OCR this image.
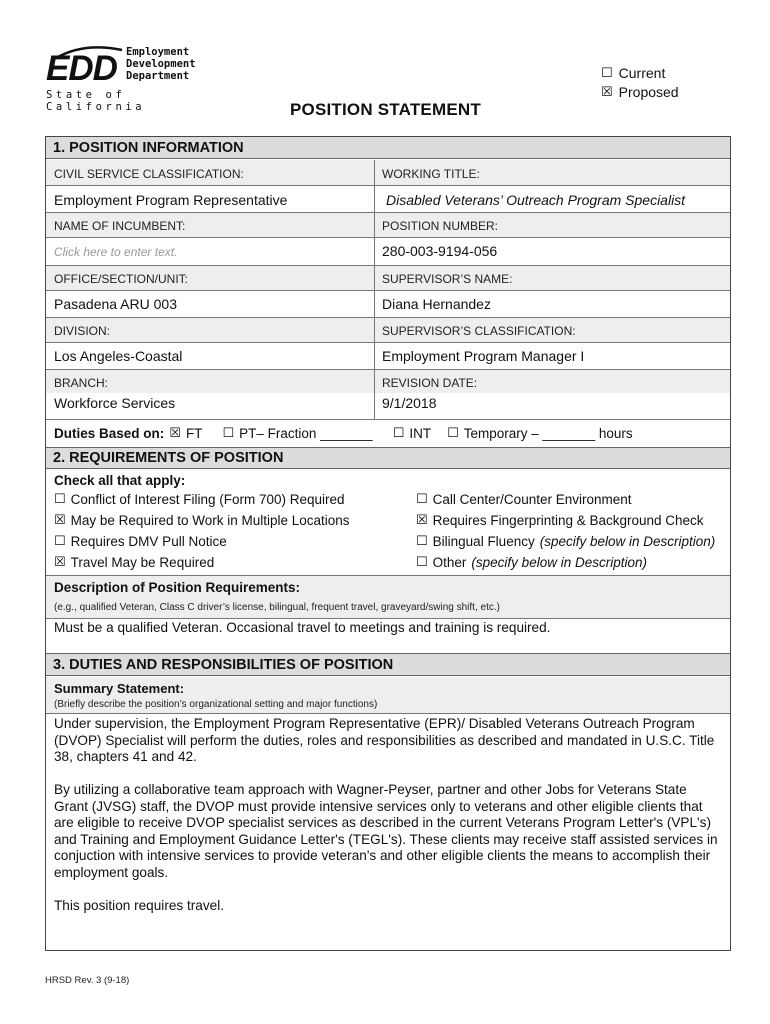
EDD Employment
Development
Department
State of California
☐ Current
☒ Proposed
POSITION STATEMENT
1. POSITION INFORMATION
CIVIL SERVICE CLASSIFICATION:	WORKING TITLE:
Employment Program Representative	Disabled Veterans’ Outreach Program Specialist
NAME OF INCUMBENT:	POSITION NUMBER:
Click here to enter text.	280-003-9194-056
OFFICE/SECTION/UNIT:	SUPERVISOR’S NAME:
Pasadena ARU 003	Diana Hernandez
DIVISION:	SUPERVISOR’S CLASSIFICATION:
Los Angeles-Coastal	Employment Program Manager I
BRANCH:	REVISION DATE:
Workforce Services	9/1/2018
Duties Based on: ☒ FT ☐ PT– Fraction _______ ☐ INT ☐ Temporary – _______ hours
2. REQUIREMENTS OF POSITION
Check all that apply:
☐ Conflict of Interest Filing (Form 700) Required
☒ May be Required to Work in Multiple Locations
☐ Requires DMV Pull Notice
☒ Travel May be Required
☐ Call Center/Counter Environment
☒ Requires Fingerprinting & Background Check
☐ Bilingual Fluency (specify below in Description)
☐ Other (specify below in Description)
Description of Position Requirements:
(e.g., qualified Veteran, Class C driver’s license, bilingual, frequent travel, graveyard/swing shift, etc.)
Must be a qualified Veteran. Occasional travel to meetings and training is required.
3. DUTIES AND RESPONSIBILITIES OF POSITION
Summary Statement:
(Briefly describe the position’s organizational setting and major functions)
Under supervision, the Employment Program Representative (EPR)/ Disabled Veterans Outreach Program (DVOP) Specialist will perform the duties, roles and responsibilities as described and mandated in U.S.C. Title 38, chapters 41 and 42.
By utilizing a collaborative team approach with Wagner-Peyser, partner and other Jobs for Veterans State Grant (JVSG) staff, the DVOP must provide intensive services only to veterans and other eligible clients that are eligible to receive DVOP specialist services as described in the current Veterans Program Letter's (VPL's) and Training and Employment Guidance Letter's (TEGL's). These clients may receive staff assisted services in conjuction with intensive services to provide veteran's and other eligible clients the means to accomplish their employment goals.
This position requires travel.
HRSD Rev. 3 (9-18)
